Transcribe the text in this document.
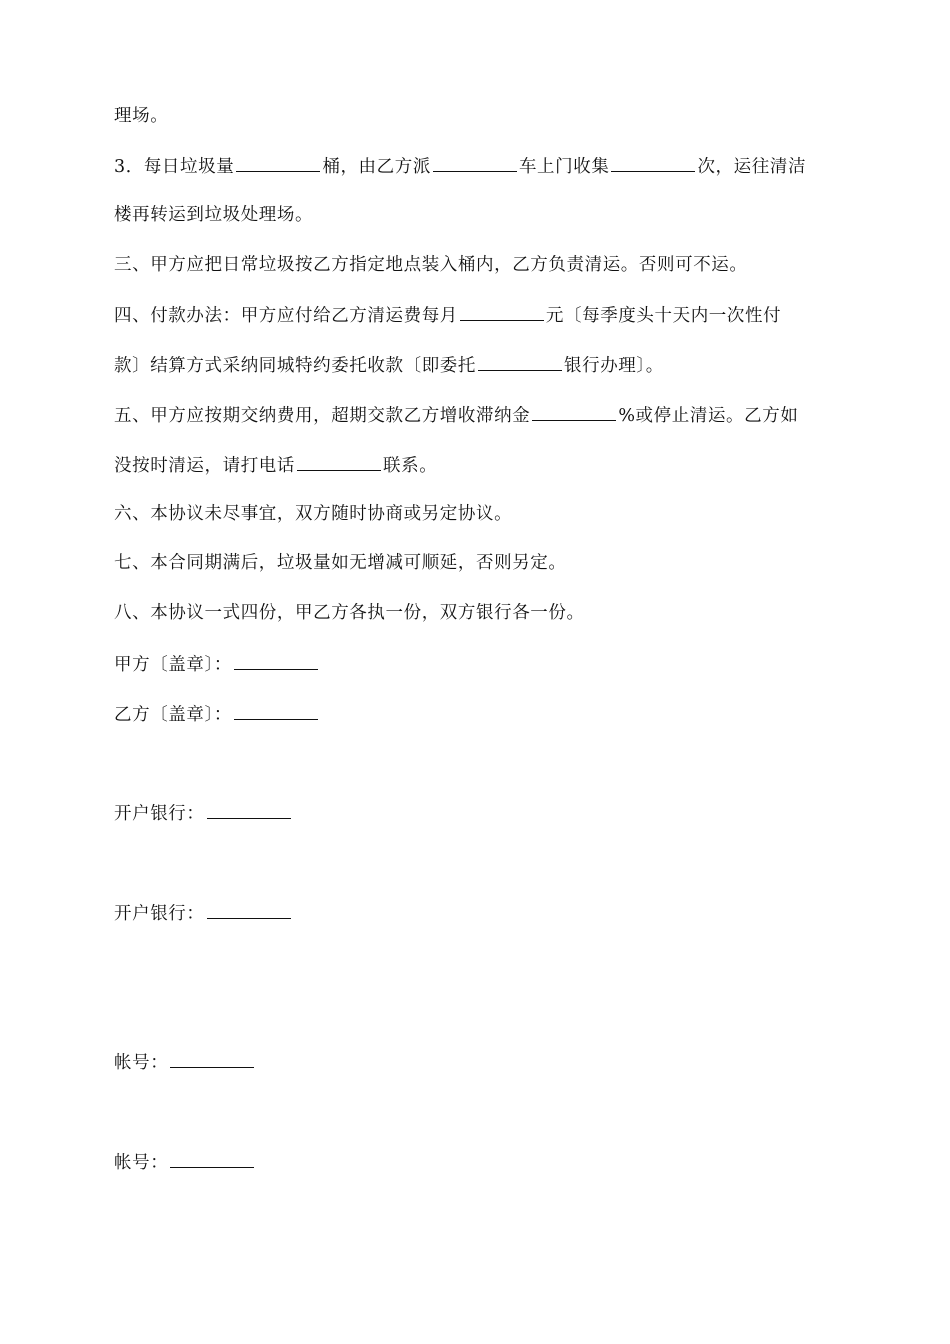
理场。
3．每日垃圾量	桶，由乙方派	车上门收集	次，运往清洁
楼再转运到垃圾处理场。
三、甲方应把日常垃圾按乙方指定地点装入桶内，乙方负责清运。否则可不运。
四、付款办法：甲方应付给乙方清运费每月	元〔每季度头十天内一次性付
款〕结算方式采纳同城特约委托收款〔即委托	银行办理〕。
五、甲方应按期交纳费用，超期交款乙方增收滞纳金	%或停止清运。乙方如
没按时清运，请打电话	联系。
六、本协议未尽事宜，双方随时协商或另定协议。
七、本合同期满后，垃圾量如无增减可顺延，否则另定。
八、本协议一式四份，甲乙方各执一份，双方银行各一份。
甲方〔盖章〕：
乙方〔盖章〕：
开户银行：
开户银行：
帐号：
帐号：
